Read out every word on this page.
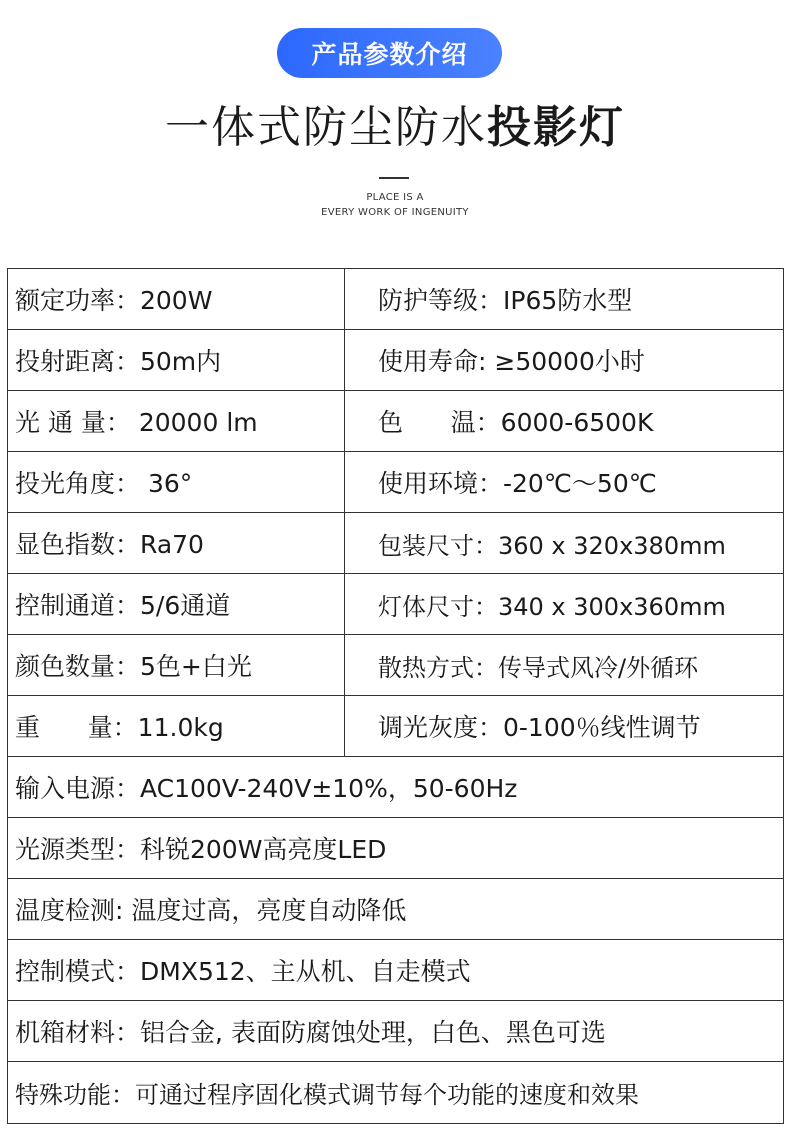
产品参数介绍
一体式防尘防水投影灯
PLACE IS A
EVERY WORK OF INGENUITY
额定功率：200W	防护等级：IP65防水型
投射距离：50m内	使用寿命: ≥50000小时
光 通 量： 20000 lm	色      温：6000-6500K
投光角度： 36°	使用环境：-20℃～50℃
显色指数：Ra70	包装尺寸：360 x 320x380mm
控制通道：5/6通道	灯体尺寸：340 x 300x360mm
颜色数量：5色+白光	散热方式：传导式风冷/外循环
重      量：11.0kg	调光灰度：0-100％线性调节
输入电源：AC100V-240V±10%，50-60Hz
光源类型：科锐200W高亮度LED
温度检测: 温度过高，亮度自动降低
控制模式：DMX512、主从机、自走模式
机箱材料：铝合金, 表面防腐蚀处理，白色、黑色可选
特殊功能：可通过程序固化模式调节每个功能的速度和效果
